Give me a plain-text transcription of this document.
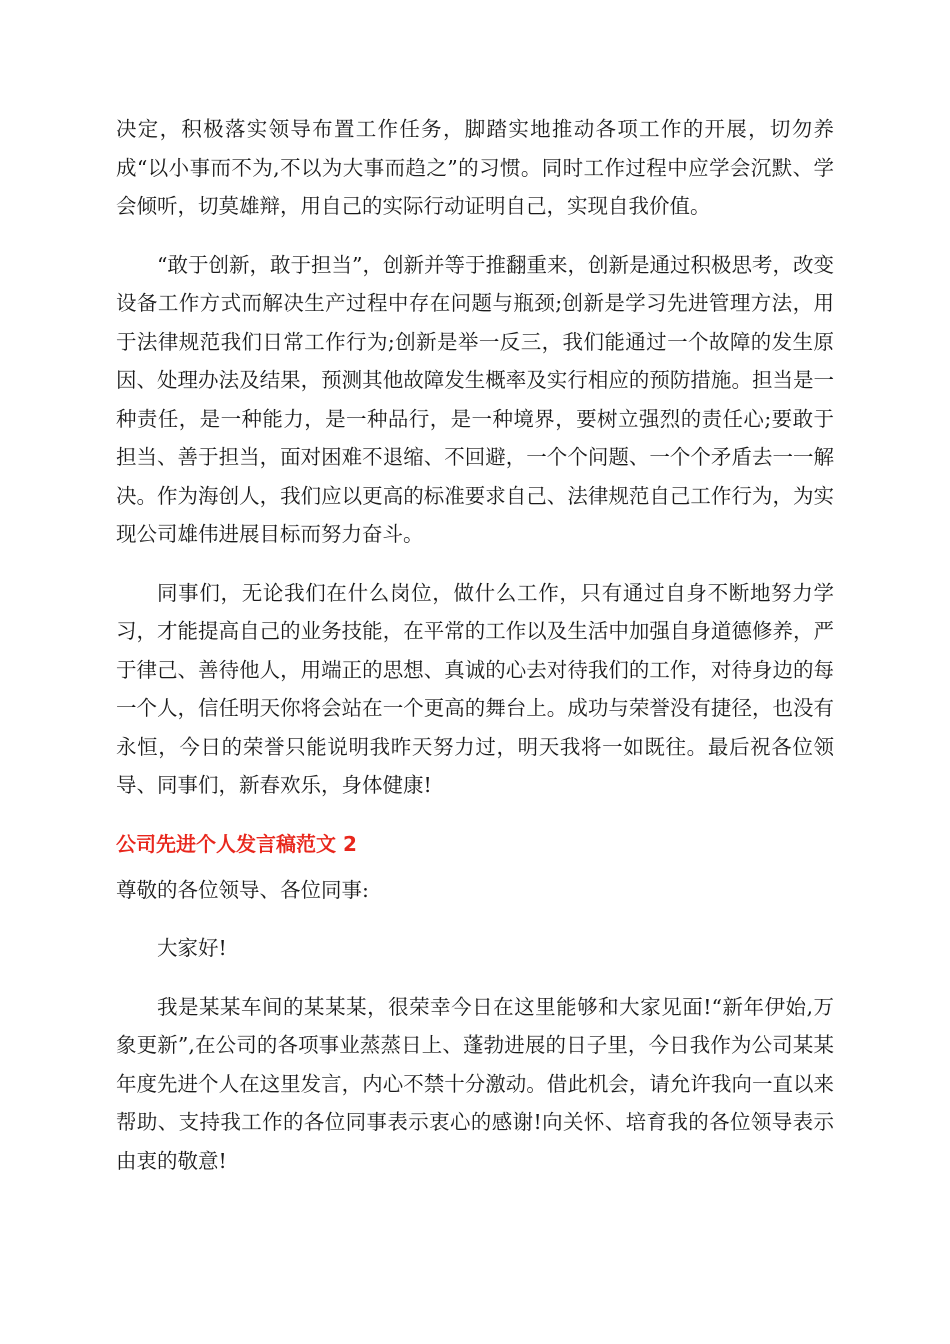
决定，积极落实领导布置工作任务，脚踏实地推动各项工作的开展，切勿养成“以小事而不为,不以为大事而趋之”的习惯。同时工作过程中应学会沉默、学会倾听，切莫雄辩，用自己的实际行动证明自己，实现自我价值。

“敢于创新，敢于担当”，创新并等于推翻重来，创新是通过积极思考，改变设备工作方式而解决生产过程中存在问题与瓶颈;创新是学习先进管理方法，用于法律规范我们日常工作行为;创新是举一反三，我们能通过一个故障的发生原因、处理办法及结果，预测其他故障发生概率及实行相应的预防措施。担当是一种责任，是一种能力，是一种品行，是一种境界，要树立强烈的责任心;要敢于担当、善于担当，面对困难不退缩、不回避，一个个问题、一个个矛盾去一一解决。作为海创人，我们应以更高的标准要求自己、法律规范自己工作行为，为实现公司雄伟进展目标而努力奋斗。

同事们，无论我们在什么岗位，做什么工作，只有通过自身不断地努力学习，才能提高自己的业务技能，在平常的工作以及生活中加强自身道德修养，严于律己、善待他人，用端正的思想、真诚的心去对待我们的工作，对待身边的每一个人，信任明天你将会站在一个更高的舞台上。成功与荣誉没有捷径，也没有永恒，今日的荣誉只能说明我昨天努力过，明天我将一如既往。最后祝各位领导、同事们，新春欢乐，身体健康!

公司先进个人发言稿范文 2

尊敬的各位领导、各位同事:

大家好!

我是某某车间的某某某，很荣幸今日在这里能够和大家见面!“新年伊始,万象更新”,在公司的各项事业蒸蒸日上、蓬勃进展的日子里，今日我作为公司某某年度先进个人在这里发言，内心不禁十分激动。借此机会，请允许我向一直以来帮助、支持我工作的各位同事表示衷心的感谢!向关怀、培育我的各位领导表示由衷的敬意!
